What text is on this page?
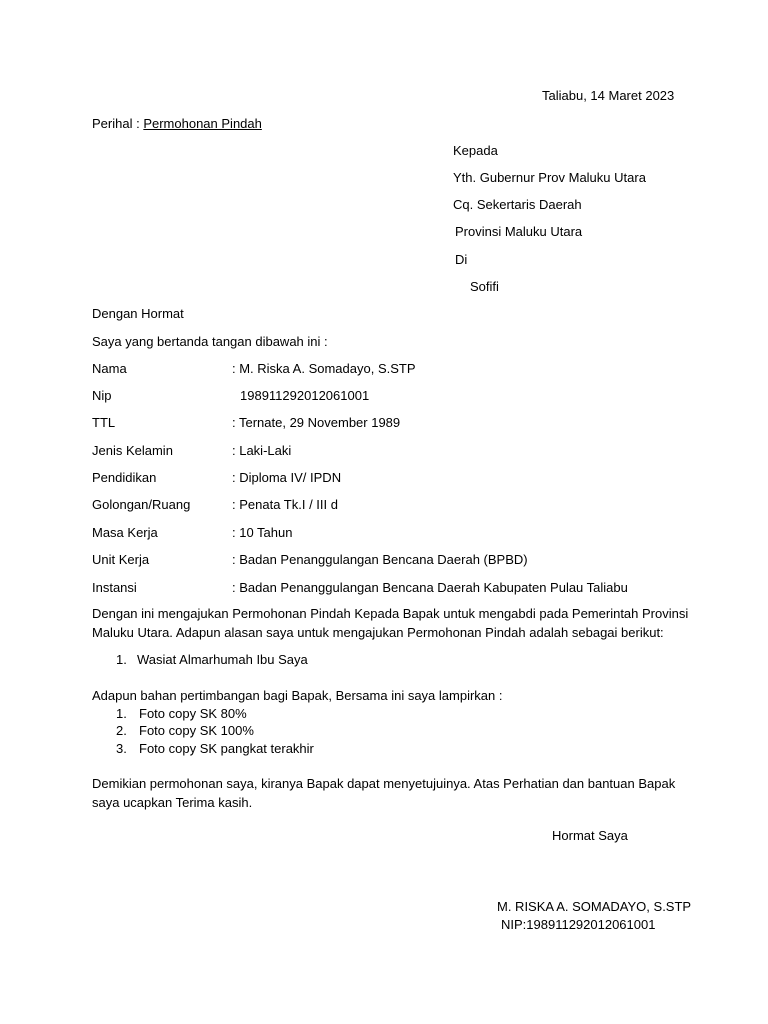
Taliabu, 14 Maret 2023
Perihal : Permohonan Pindah
Kepada
Yth. Gubernur Prov Maluku Utara
Cq. Sekertaris Daerah
Provinsi Maluku Utara
Di
Sofifi
Dengan Hormat
Saya yang bertanda tangan dibawah ini :
Nama	: M. Riska A. Somadayo, S.STP
Nip	198911292012061001
TTL	: Ternate, 29 November 1989
Jenis Kelamin	: Laki-Laki
Pendidikan	: Diploma IV/ IPDN
Golongan/Ruang	: Penata Tk.I / III d
Masa Kerja	: 10 Tahun
Unit Kerja	: Badan Penanggulangan Bencana Daerah (BPBD)
Instansi	: Badan Penanggulangan Bencana Daerah Kabupaten Pulau Taliabu
Dengan ini mengajukan Permohonan Pindah Kepada Bapak untuk mengabdi pada Pemerintah Provinsi
Maluku Utara. Adapun alasan saya untuk mengajukan Permohonan Pindah adalah sebagai berikut:
1. Wasiat Almarhumah Ibu Saya
Adapun bahan pertimbangan bagi Bapak, Bersama ini saya lampirkan :
1. Foto copy SK 80%
2. Foto copy SK 100%
3. Foto copy SK pangkat terakhir
Demikian permohonan saya, kiranya Bapak dapat menyetujuinya. Atas Perhatian dan bantuan Bapak
saya ucapkan Terima kasih.
Hormat Saya
M. RISKA A. SOMADAYO, S.STP
NIP:198911292012061001
